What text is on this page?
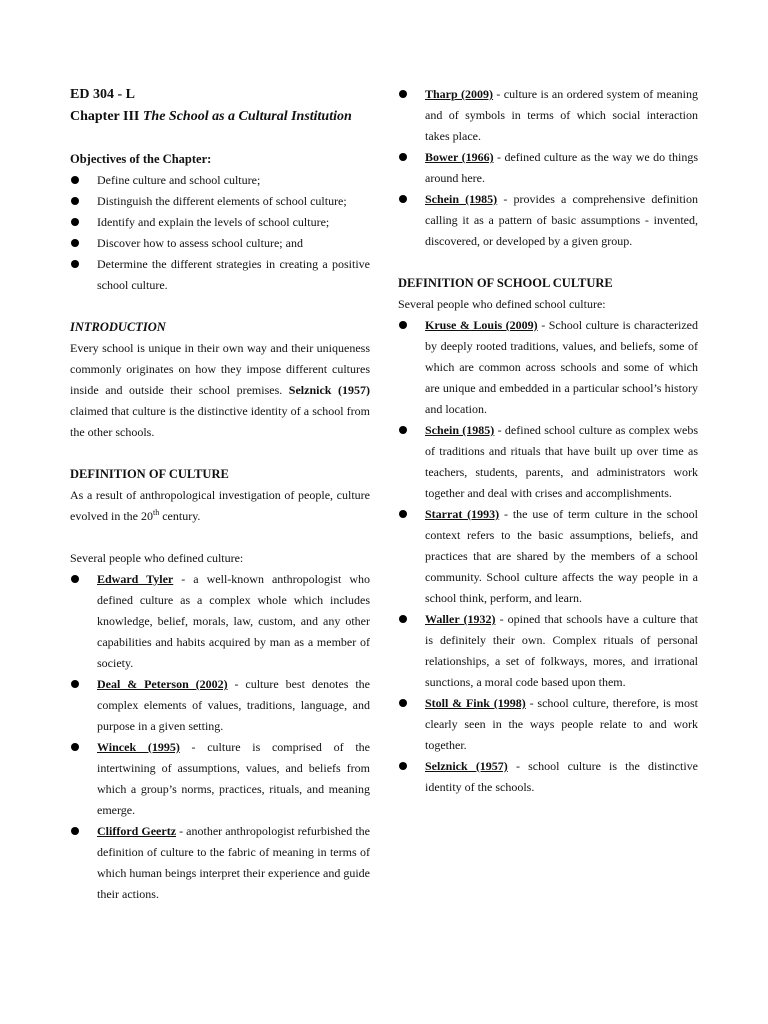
ED 304 - L
Chapter III The School as a Cultural Institution
Objectives of the Chapter:
Define culture and school culture;
Distinguish the different elements of school culture;
Identify and explain the levels of school culture;
Discover how to assess school culture; and
Determine the different strategies in creating a positive school culture.
INTRODUCTION

Every school is unique in their own way and their uniqueness commonly originates on how they impose different cultures inside and outside their school premises. Selznick (1957) claimed that culture is the distinctive identity of a school from the other schools.

DEFINITION OF CULTURE

As a result of anthropological investigation of people, culture evolved in the 20th century.

Several people who defined culture:

Edward Tyler - a well-known anthropologist who defined culture as a complex whole which includes knowledge, belief, morals, law, custom, and any other capabilities and habits acquired by man as a member of society.
Deal & Peterson (2002) - culture best denotes the complex elements of values, traditions, language, and purpose in a given setting.
Wincek (1995) - culture is comprised of the intertwining of assumptions, values, and beliefs from which a group’s norms, practices, rituals, and meaning emerge.
Clifford Geertz - another anthropologist refurbished the definition of culture to the fabric of meaning in terms of which human beings interpret their experience and guide their actions.
Tharp (2009) - culture is an ordered system of meaning and of symbols in terms of which social interaction takes place.
Bower (1966) - defined culture as the way we do things around here.
Schein (1985) - provides a comprehensive definition calling it as a pattern of basic assumptions - invented, discovered, or developed by a given group.
DEFINITION OF SCHOOL CULTURE

Several people who defined school culture:

Kruse & Louis (2009) - School culture is characterized by deeply rooted traditions, values, and beliefs, some of which are common across schools and some of which are unique and embedded in a particular school’s history and location.
Schein (1985) - defined school culture as complex webs of traditions and rituals that have built up over time as teachers, students, parents, and administrators work together and deal with crises and accomplishments.
Starrat (1993) - the use of term culture in the school context refers to the basic assumptions, beliefs, and practices that are shared by the members of a school community. School culture affects the way people in a school think, perform, and learn.
Waller (1932) - opined that schools have a culture that is definitely their own. Complex rituals of personal relationships, a set of folkways, mores, and irrational sunctions, a moral code based upon them.
Stoll & Fink (1998) - school culture, therefore, is most clearly seen in the ways people relate to and work together.
Selznick (1957) - school culture is the distinctive identity of the schools.
